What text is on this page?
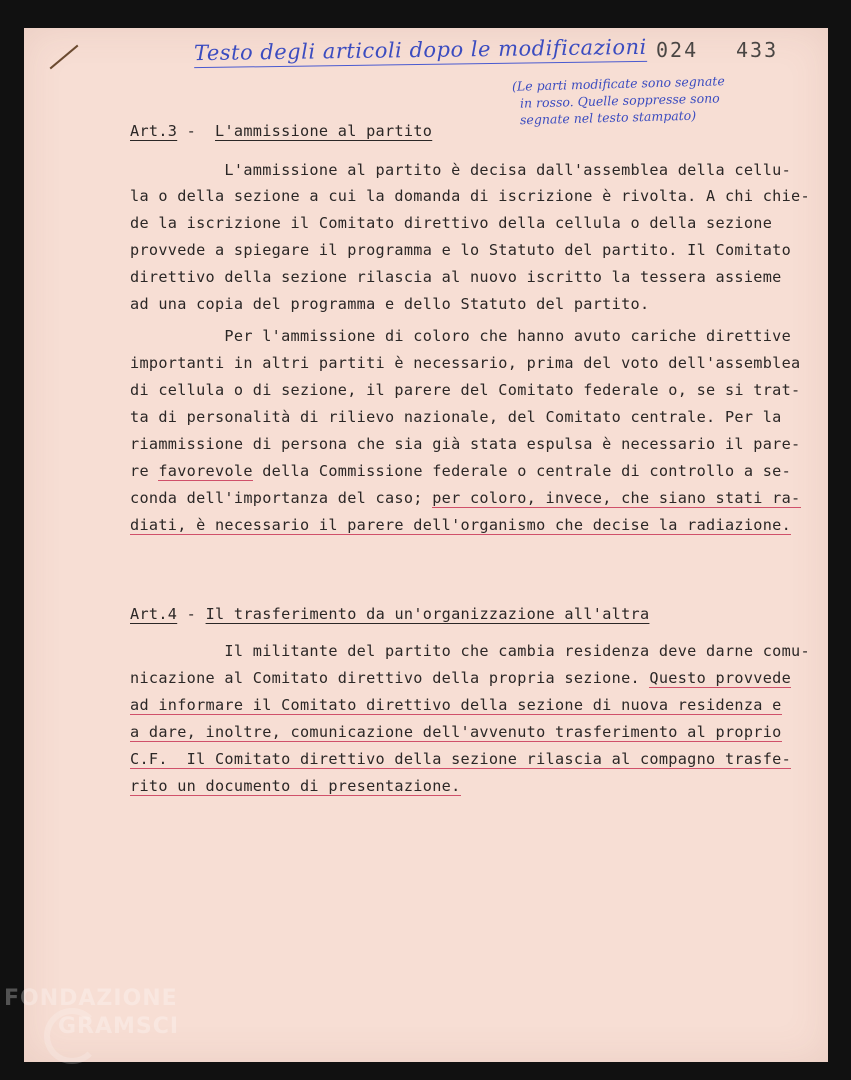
Testo degli articoli dopo le modificazioni 024 433
(Le parti modificate sono segnate
in rosso. Quelle soppresse sono
segnate nel testo stampato)
Art.3 - L'ammissione al partito
L'ammissione al partito è decisa dall'assemblea della cellu-
la o della sezione a cui la domanda di iscrizione è rivolta. A chi chie-
de la iscrizione il Comitato direttivo della cellula o della sezione
provvede a spiegare il programma e lo Statuto del partito. Il Comitato
direttivo della sezione rilascia al nuovo iscritto la tessera assieme
ad una copia del programma e dello Statuto del partito.
Per l'ammissione di coloro che hanno avuto cariche direttive
importanti in altri partiti è necessario, prima del voto dell'assemblea
di cellula o di sezione, il parere del Comitato federale o, se si trat-
ta di personalità di rilievo nazionale, del Comitato centrale. Per la
riammissione di persona che sia già stata espulsa è necessario il pare-
re favorevole della Commissione federale o centrale di controllo a se-
conda dell'importanza del caso; per coloro, invece, che siano stati ra-
diati, è necessario il parere dell'organismo che decise la radiazione.
Art.4 - Il trasferimento da un'organizzazione all'altra
Il militante del partito che cambia residenza deve darne comu-
nicazione al Comitato direttivo della propria sezione. Questo provvede
ad informare il Comitato direttivo della sezione di nuova residenza e
a dare, inoltre, comunicazione dell'avvenuto trasferimento al proprio
C.F.  Il Comitato direttivo della sezione rilascia al compagno trasfe-
rito un documento di presentazione.
FONDAZIONE
GRAMSCI
